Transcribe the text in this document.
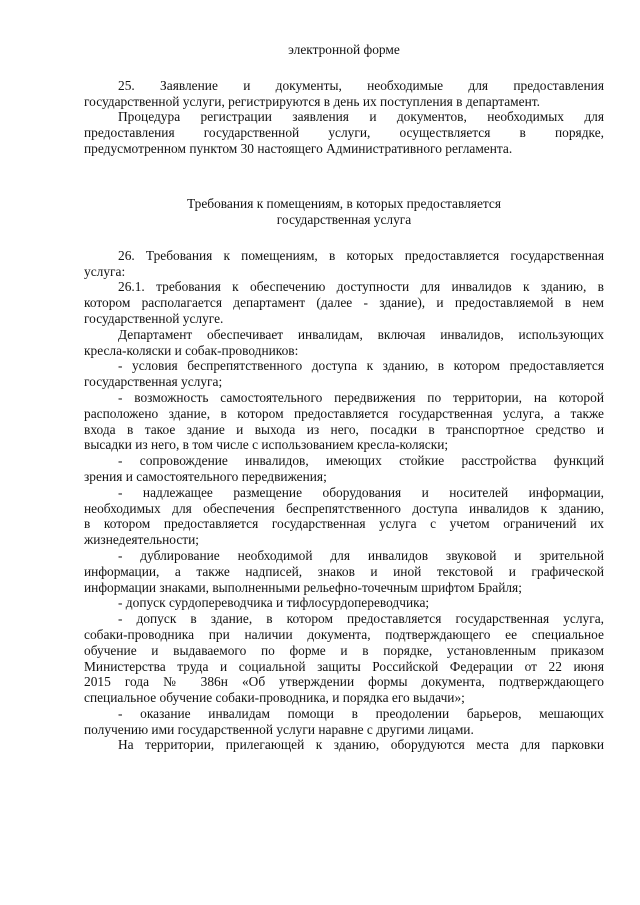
электронной форме

25. Заявление и документы, необходимые для предоставления

государственной услуги, регистрируются в день их поступления в департамент.

Процедура регистрации заявления и документов, необходимых для

предоставления государственной услуги, осуществляется в порядке,

предусмотренном пунктом 30 настоящего Административного регламента.

Требования к помещениям, в которых предоставляется

государственная услуга

26. Требования к помещениям, в которых предоставляется государственная

услуга:

26.1. требования к обеспечению доступности для инвалидов к зданию, в

котором располагается департамент (далее - здание), и предоставляемой в нем

государственной услуге.

Департамент обеспечивает инвалидам, включая инвалидов, использующих

кресла-коляски и собак-проводников:

- условия беспрепятственного доступа к зданию, в котором предоставляется

государственная услуга;

- возможность самостоятельного передвижения по территории, на которой

расположено здание, в котором предоставляется государственная услуга, а также

входа в такое здание и выхода из него, посадки в транспортное средство и

высадки из него, в том числе с использованием кресла-коляски;

- сопровождение инвалидов, имеющих стойкие расстройства функций

зрения и самостоятельного передвижения;

- надлежащее размещение оборудования и носителей информации,

необходимых для обеспечения беспрепятственного доступа инвалидов к зданию,

в котором предоставляется государственная услуга с учетом ограничений их

жизнедеятельности;

- дублирование необходимой для инвалидов звуковой и зрительной

информации, а также надписей, знаков и иной текстовой и графической

информации знаками, выполненными рельефно-точечным шрифтом Брайля;

- допуск сурдопереводчика и тифлосурдопереводчика;

- допуск в здание, в котором предоставляется государственная услуга,

собаки-проводника при наличии документа, подтверждающего ее специальное

обучение и выдаваемого по форме и в порядке, установленным приказом

Министерства труда и социальной защиты Российской Федерации от 22 июня

2015 года № 386н «Об утверждении формы документа, подтверждающего

специальное обучение собаки-проводника, и порядка его выдачи»;

- оказание инвалидам помощи в преодолении барьеров, мешающих

получению ими государственной услуги наравне с другими лицами.

На территории, прилегающей к зданию, оборудуются места для парковки
